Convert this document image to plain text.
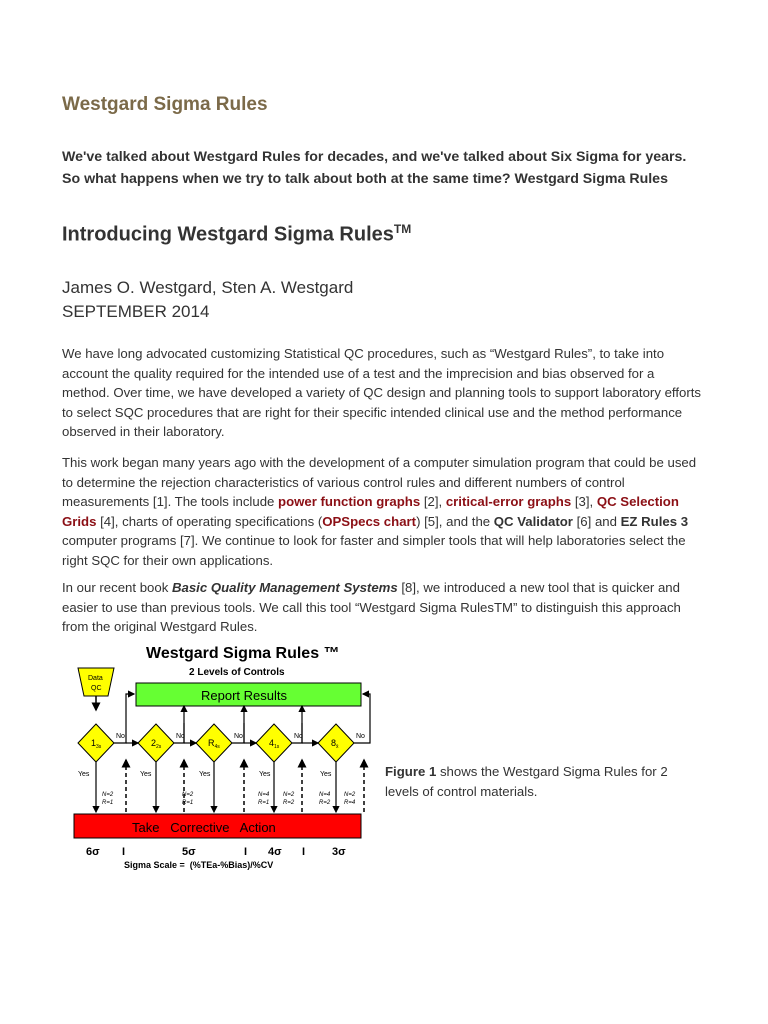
Westgard Sigma Rules

We've talked about Westgard Rules for decades, and we've talked about Six Sigma for years. So what happens when we try to talk about both at the same time? Westgard Sigma Rules

Introducing Westgard Sigma Rules™
James O. Westgard, Sten A. Westgard
SEPTEMBER 2014

We have long advocated customizing Statistical QC procedures, such as “Westgard Rules”, to take into account the quality required for the intended use of a test and the imprecision and bias observed for a method. Over time, we have developed a variety of QC design and planning tools to support laboratory efforts to select SQC procedures that are right for their specific intended clinical use and the method performance observed in their laboratory.

This work began many years ago with the development of a computer simulation program that could be used to determine the rejection characteristics of various control rules and different numbers of control measurements [1]. The tools include power function graphs [2], critical-error graphs [3], QC Selection Grids [4], charts of operating specifications (OPSpecs chart) [5], and the QC Validator [6] and EZ Rules 3 computer programs [7]. We continue to look for faster and simpler tools that will help laboratories select the right SQC for their own applications.

In our recent book Basic Quality Management Systems [8], we introduced a new tool that is quicker and easier to use than previous tools. We call this tool “Westgard Sigma RulesTM” to distinguish this approach from the original Westgard Rules.

Westgard Sigma Rules ™
2 Levels of Controls
Data
QC	Report Results
$1_{3s}$	$2_{2s}$	$R_{4s}$	$4_{1s}$	$8_{x̄}$
No	No	No	No	No
Yes	Yes	Yes	Yes	Yes
N=2
R=1
N=2
R=1
N=4
R=1
N=2
R=2
N=4
R=2
N=2
R=4
Take   Corrective   Action
6σ I	5σ	I 4σ I 3σ
Sigma Scale =  (%TEa-%Bias)/%CV

Figure 1 shows the Westgard Sigma Rules for 2 levels of control materials.
